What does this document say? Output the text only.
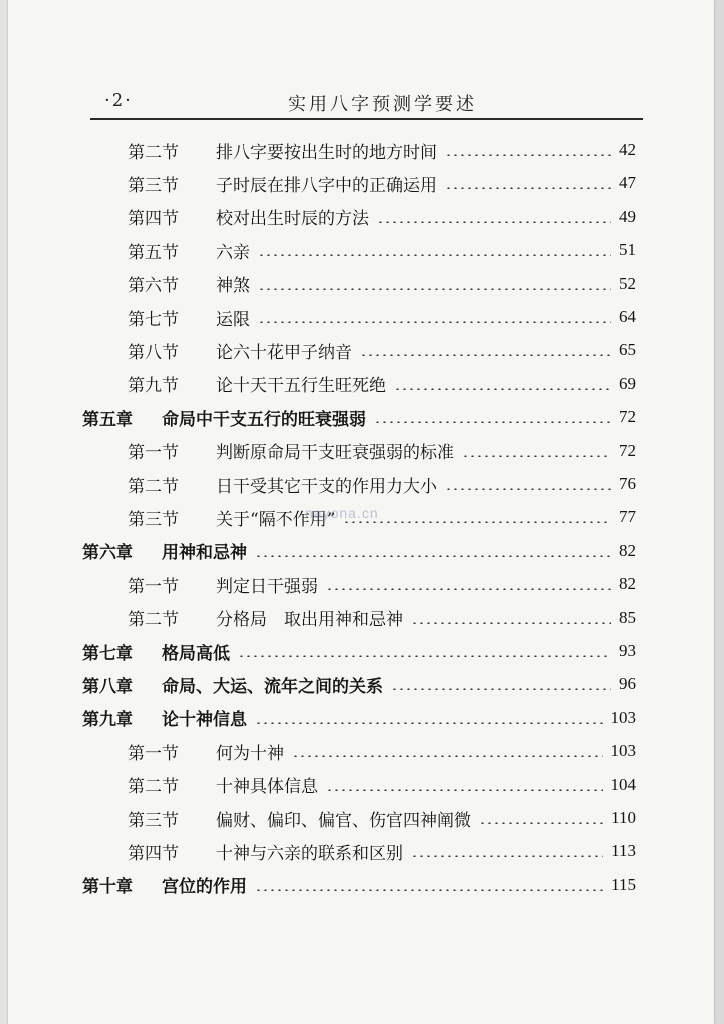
·2·	实用八字预测学要述
第二节	排八字要按出生时的地方时间	42
第三节	子时辰在排八字中的正确运用	47
第四节	校对出生时辰的方法	49
第五节	六亲	51
第六节	神煞	52
第七节	运限	64
第八节	论六十花甲子纳音	65
第九节	论十天干五行生旺死绝	69
第五章	命局中干支五行的旺衰强弱	72
第一节	判断原命局干支旺衰强弱的标准	72
第二节	日干受其它干支的作用力大小	76
第三节	关于“隔不作用”	77
第六章	用神和忌神	82
第一节	判定日干强弱	82
第二节	分格局　取出用神和忌神	85
第七章	格局高低	93
第八章	命局、大运、流年之间的关系	96
第九章	论十神信息	103
第一节	何为十神	103
第二节	十神具体信息	104
第三节	偏财、偏印、偏官、伤官四神阐微	110
第四节	十神与六亲的联系和区别	113
第十章	宫位的作用	115
nayona.cn
